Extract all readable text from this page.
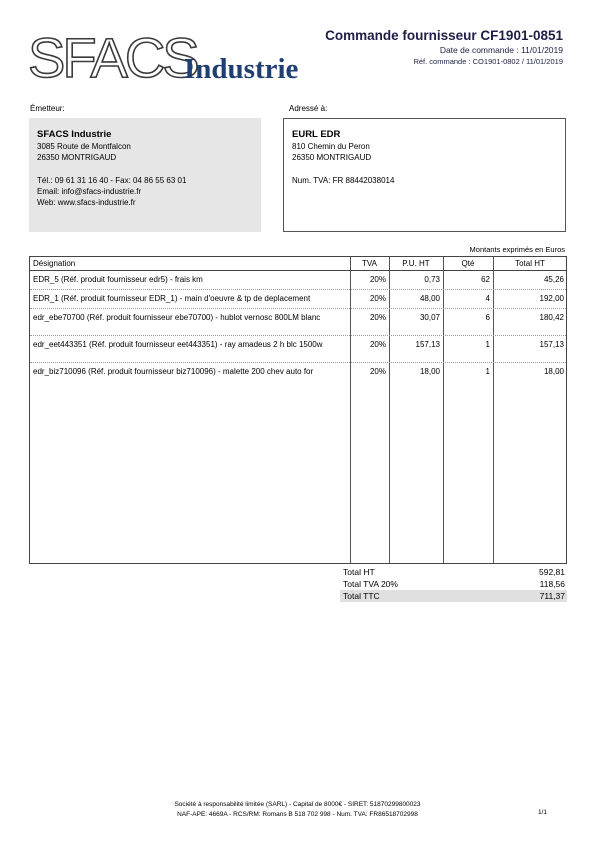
SFACS
Industrie
Commande fournisseur CF1901-0851
Date de commande : 11/01/2019
Réf. commande : CO1901-0802 / 11/01/2019
Émetteur:
SFACS Industrie
3085 Route de Montfalcon
26350 MONTRIGAUD
Tél.: 09 61 31 16 40 - Fax: 04 86 55 63 01
Email: info@sfacs-industrie.fr
Web: www.sfacs-industrie.fr
Adressé à:
EURL EDR
810 Chemin du Peron
26350 MONTRIGAUD
Num. TVA: FR 88442038014
Montants exprimés en Euros
Désignation	TVA	P.U. HT	Qté	Total HT
EDR_5 (Réf. produit fournisseur edr5) - frais km	20%	0,73	62	45,26
EDR_1 (Réf. produit fournisseur EDR_1) - main d'oeuvre & tp de deplacement	20%	48,00	4	192,00
edr_ebe70700 (Réf. produit fournisseur ebe70700) - hublot vernosc 800LM blanc	20%	30,07	6	180,42
edr_eet443351 (Réf. produit fournisseur eet443351) - ray amadeus 2 h blc 1500w	20%	157,13	1	157,13
edr_biz710096 (Réf. produit fournisseur biz710096) - malette 200 chev auto for	20%	18,00	1	18,00
Total HT	592,81
Total TVA 20%	118,56
Total TTC	711,37
Société à responsabilité limitée (SARL) - Capital de 8000€ - SIRET: 51870299800023
NAF-APE: 4669A - RCS/RM: Romans B 518 702 998 - Num. TVA: FR86518702998	1/1
